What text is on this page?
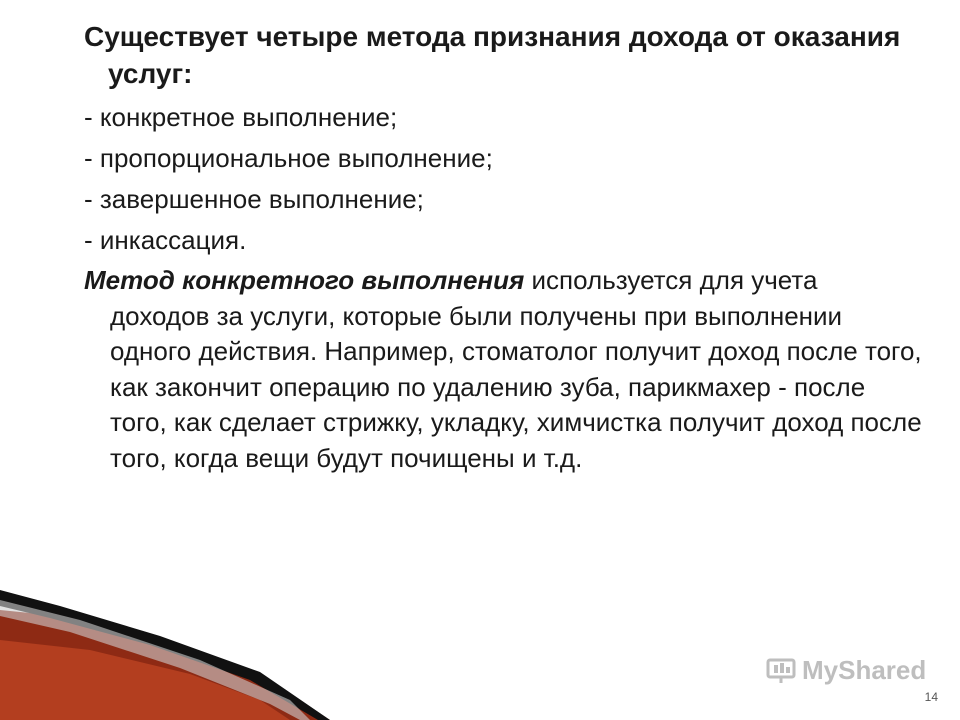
Существует четыре метода признания дохода от оказания услуг:
- конкретное выполнение;
- пропорциональное выполнение;
- завершенное выполнение;
- инкассация.
Метод конкретного выполнения используется для учета доходов за услуги, которые были получены при выполнении одного действия. Например, стоматолог получит доход после того, как закончит операцию по удалению зуба, парикмахер - после того, как сделает стрижку, укладку, химчистка получит доход после того, когда вещи будут почищены и т.д.
MyShared
14
